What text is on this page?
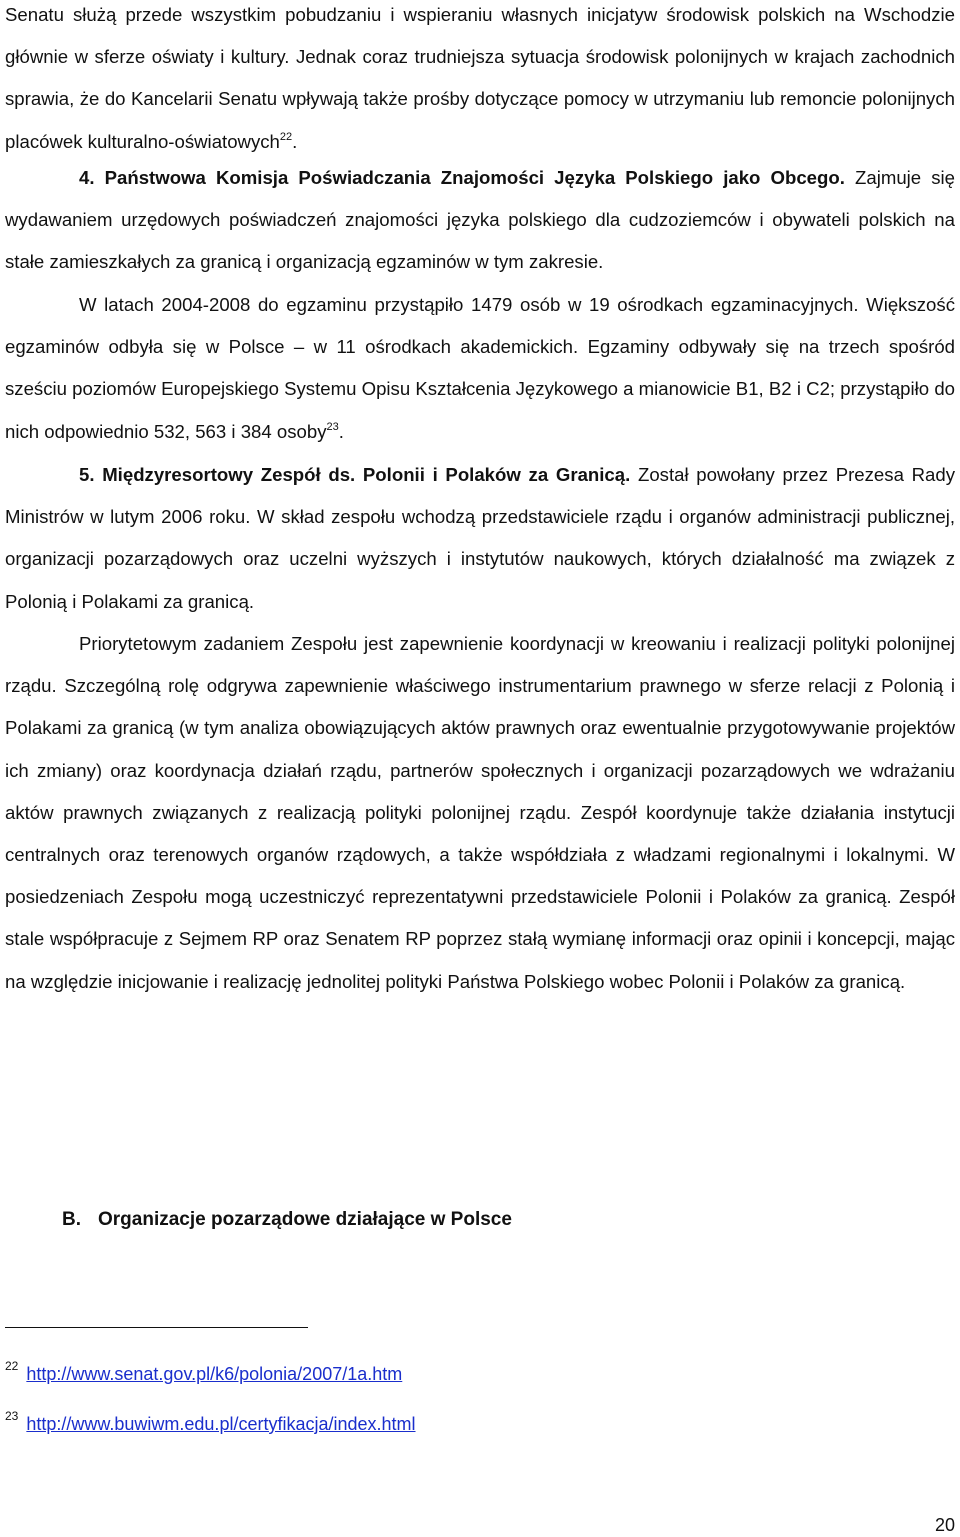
Senatu służą przede wszystkim pobudzaniu i wspieraniu własnych inicjatyw środowisk polskich na Wschodzie głównie w sferze oświaty i kultury. Jednak coraz trudniejsza sytuacja środowisk polonijnych w krajach zachodnich sprawia, że do Kancelarii Senatu wpływają także prośby dotyczące pomocy w utrzymaniu lub remoncie polonijnych placówek kulturalno-oświatowych$^{22}$.

4. Państwowa Komisja Poświadczania Znajomości Języka Polskiego jako Obcego. Zajmuje się wydawaniem urzędowych poświadczeń znajomości języka polskiego dla cudzoziemców i obywateli polskich na stałe zamieszkałych za granicą i organizacją egzaminów w tym zakresie.

W latach 2004-2008 do egzaminu przystąpiło 1479 osób w 19 ośrodkach egzaminacyjnych. Większość egzaminów odbyła się w Polsce – w 11 ośrodkach akademickich. Egzaminy odbywały się na trzech spośród sześciu poziomów Europejskiego Systemu Opisu Kształcenia Językowego a mianowicie B1, B2 i C2; przystąpiło do nich odpowiednio 532, 563 i 384 osoby$^{23}$.

5. Międzyresortowy Zespół ds. Polonii i Polaków za Granicą. Został powołany przez Prezesa Rady Ministrów w lutym 2006 roku. W skład zespołu wchodzą przedstawiciele rządu i organów administracji publicznej, organizacji pozarządowych oraz uczelni wyższych i instytutów naukowych, których działalność ma związek z Polonią i Polakami za granicą.

Priorytetowym zadaniem Zespołu jest zapewnienie koordynacji w kreowaniu i realizacji polityki polonijnej rządu. Szczególną rolę odgrywa zapewnienie właściwego instrumentarium prawnego w sferze relacji z Polonią i Polakami za granicą (w tym analiza obowiązujących aktów prawnych oraz ewentualnie przygotowywanie projektów ich zmiany) oraz koordynacja działań rządu, partnerów społecznych i organizacji pozarządowych we wdrażaniu aktów prawnych związanych z realizacją polityki polonijnej rządu. Zespół koordynuje także działania instytucji centralnych oraz terenowych organów rządowych, a także współdziała z władzami regionalnymi i lokalnymi. W posiedzeniach Zespołu mogą uczestniczyć reprezentatywni przedstawiciele Polonii i Polaków za granicą. Zespół stale współpracuje z Sejmem RP oraz Senatem RP poprzez stałą wymianę informacji oraz opinii i koncepcji, mając na względzie inicjowanie i realizację jednolitej polityki Państwa Polskiego wobec Polonii i Polaków za granicą.

B. Organizacje pozarządowe działające w Polsce

$^{22}$ http://www.senat.gov.pl/k6/polonia/2007/1a.htm

$^{23}$ http://www.buwiwm.edu.pl/certyfikacja/index.html

20
